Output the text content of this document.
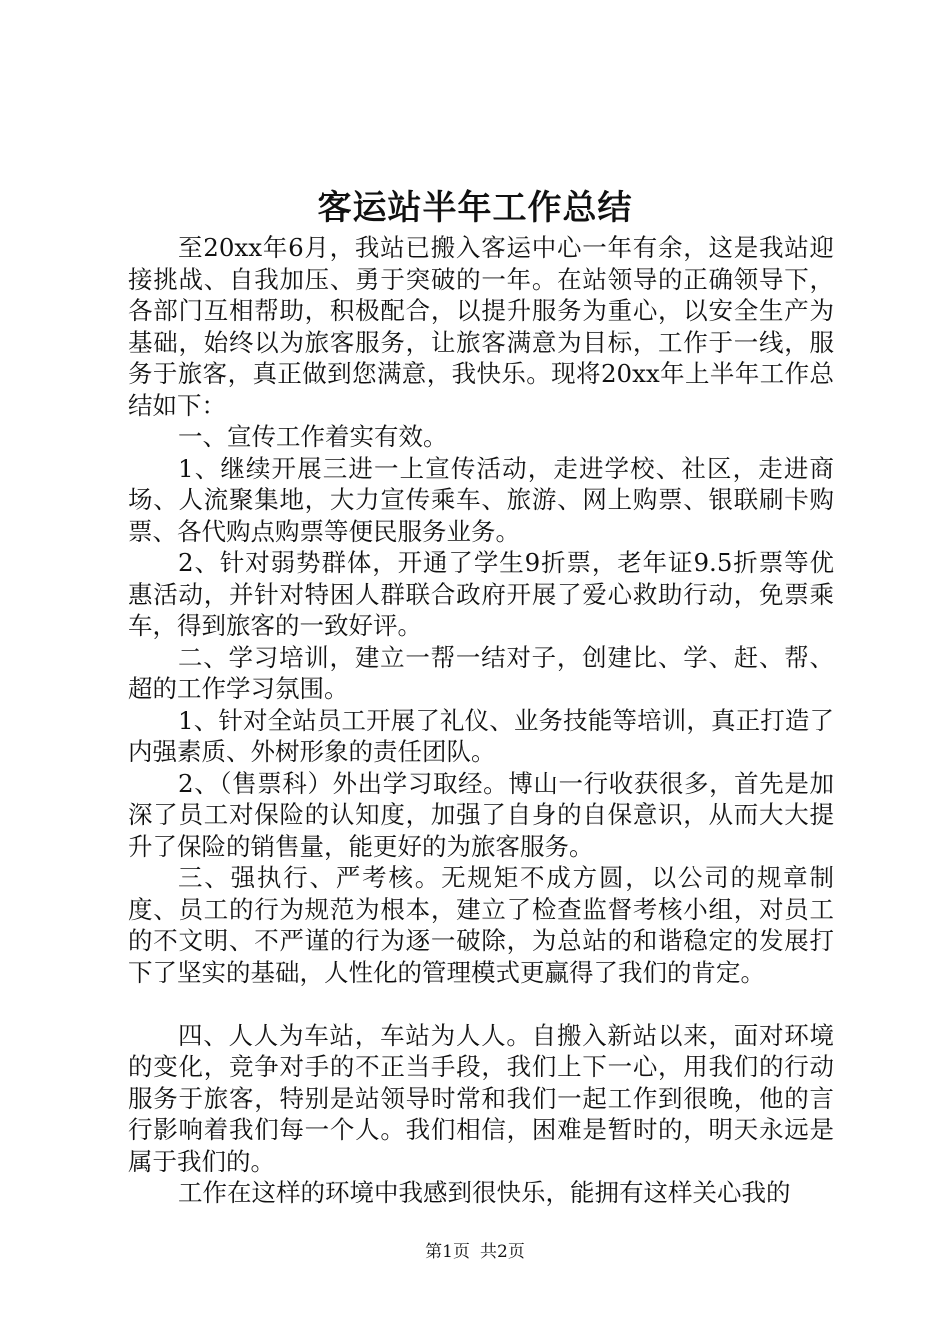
客运站半年工作总结

至20xx年6月，我站已搬入客运中心一年有余，这是我站迎接挑战、自我加压、勇于突破的一年。在站领导的正确领导下，各部门互相帮助，积极配合，以提升服务为重心，以安全生产为基础，始终以为旅客服务，让旅客满意为目标，工作于一线，服务于旅客，真正做到您满意，我快乐。现将20xx年上半年工作总结如下：

一、宣传工作着实有效。

1、继续开展三进一上宣传活动，走进学校、社区，走进商场、人流聚集地，大力宣传乘车、旅游、网上购票、银联刷卡购票、各代购点购票等便民服务业务。

2、针对弱势群体，开通了学生9折票，老年证9.5折票等优惠活动，并针对特困人群联合政府开展了爱心救助行动，免票乘车，得到旅客的一致好评。

二、学习培训，建立一帮一结对子，创建比、学、赶、帮、超的工作学习氛围。

1、针对全站员工开展了礼仪、业务技能等培训，真正打造了内强素质、外树形象的责任团队。

2、（售票科）外出学习取经。博山一行收获很多，首先是加深了员工对保险的认知度，加强了自身的自保意识，从而大大提升了保险的销售量，能更好的为旅客服务。

三、强执行、严考核。无规矩不成方圆，以公司的规章制度、员工的行为规范为根本，建立了检查监督考核小组，对员工的不文明、不严谨的行为逐一破除，为总站的和谐稳定的发展打下了坚实的基础，人性化的管理模式更赢得了我们的肯定。

四、人人为车站，车站为人人。自搬入新站以来，面对环境的变化，竞争对手的不正当手段，我们上下一心，用我们的行动服务于旅客，特别是站领导时常和我们一起工作到很晚，他的言行影响着我们每一个人。我们相信，困难是暂时的，明天永远是属于我们的。

工作在这样的环境中我感到很快乐，能拥有这样关心我的

第1页 共2页
